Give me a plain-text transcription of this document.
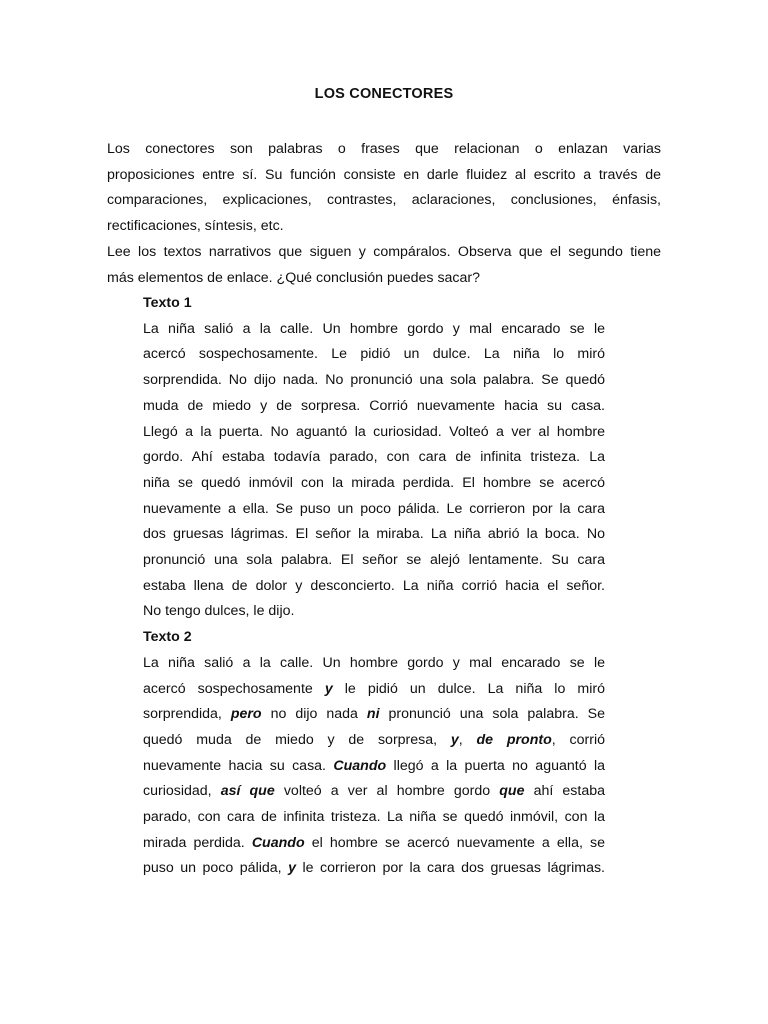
LOS CONECTORES
Los conectores son palabras o frases que relacionan o enlazan varias
proposiciones entre sí. Su función consiste en darle fluidez al escrito a través de
comparaciones, explicaciones, contrastes, aclaraciones, conclusiones, énfasis,
rectificaciones, síntesis, etc.
Lee los textos narrativos que siguen y compáralos. Observa que el segundo tiene
más elementos de enlace. ¿Qué conclusión puedes sacar?
Texto 1
La niña salió a la calle. Un hombre gordo y mal encarado se le
acercó sospechosamente. Le pidió un dulce. La niña lo miró
sorprendida. No dijo nada. No pronunció una sola palabra. Se quedó
muda de miedo y de sorpresa. Corrió nuevamente hacia su casa.
Llegó a la puerta. No aguantó la curiosidad. Volteó a ver al hombre
gordo. Ahí estaba todavía parado, con cara de infinita tristeza. La
niña se quedó inmóvil con la mirada perdida. El hombre se acercó
nuevamente a ella. Se puso un poco pálida. Le corrieron por la cara
dos gruesas lágrimas. El señor la miraba. La niña abrió la boca. No
pronunció una sola palabra. El señor se alejó lentamente. Su cara
estaba llena de dolor y desconcierto. La niña corrió hacia el señor.
No tengo dulces, le dijo.
Texto 2
La niña salió a la calle. Un hombre gordo y mal encarado se le
acercó sospechosamente y le pidió un dulce. La niña lo miró
sorprendida, pero no dijo nada ni pronunció una sola palabra. Se
quedó muda de miedo y de sorpresa, y, de pronto, corrió
nuevamente hacia su casa. Cuando llegó a la puerta no aguantó la
curiosidad, así que volteó a ver al hombre gordo que ahí estaba
parado, con cara de infinita tristeza. La niña se quedó inmóvil, con la
mirada perdida. Cuando el hombre se acercó nuevamente a ella, se
puso un poco pálida, y le corrieron por la cara dos gruesas lágrimas.
